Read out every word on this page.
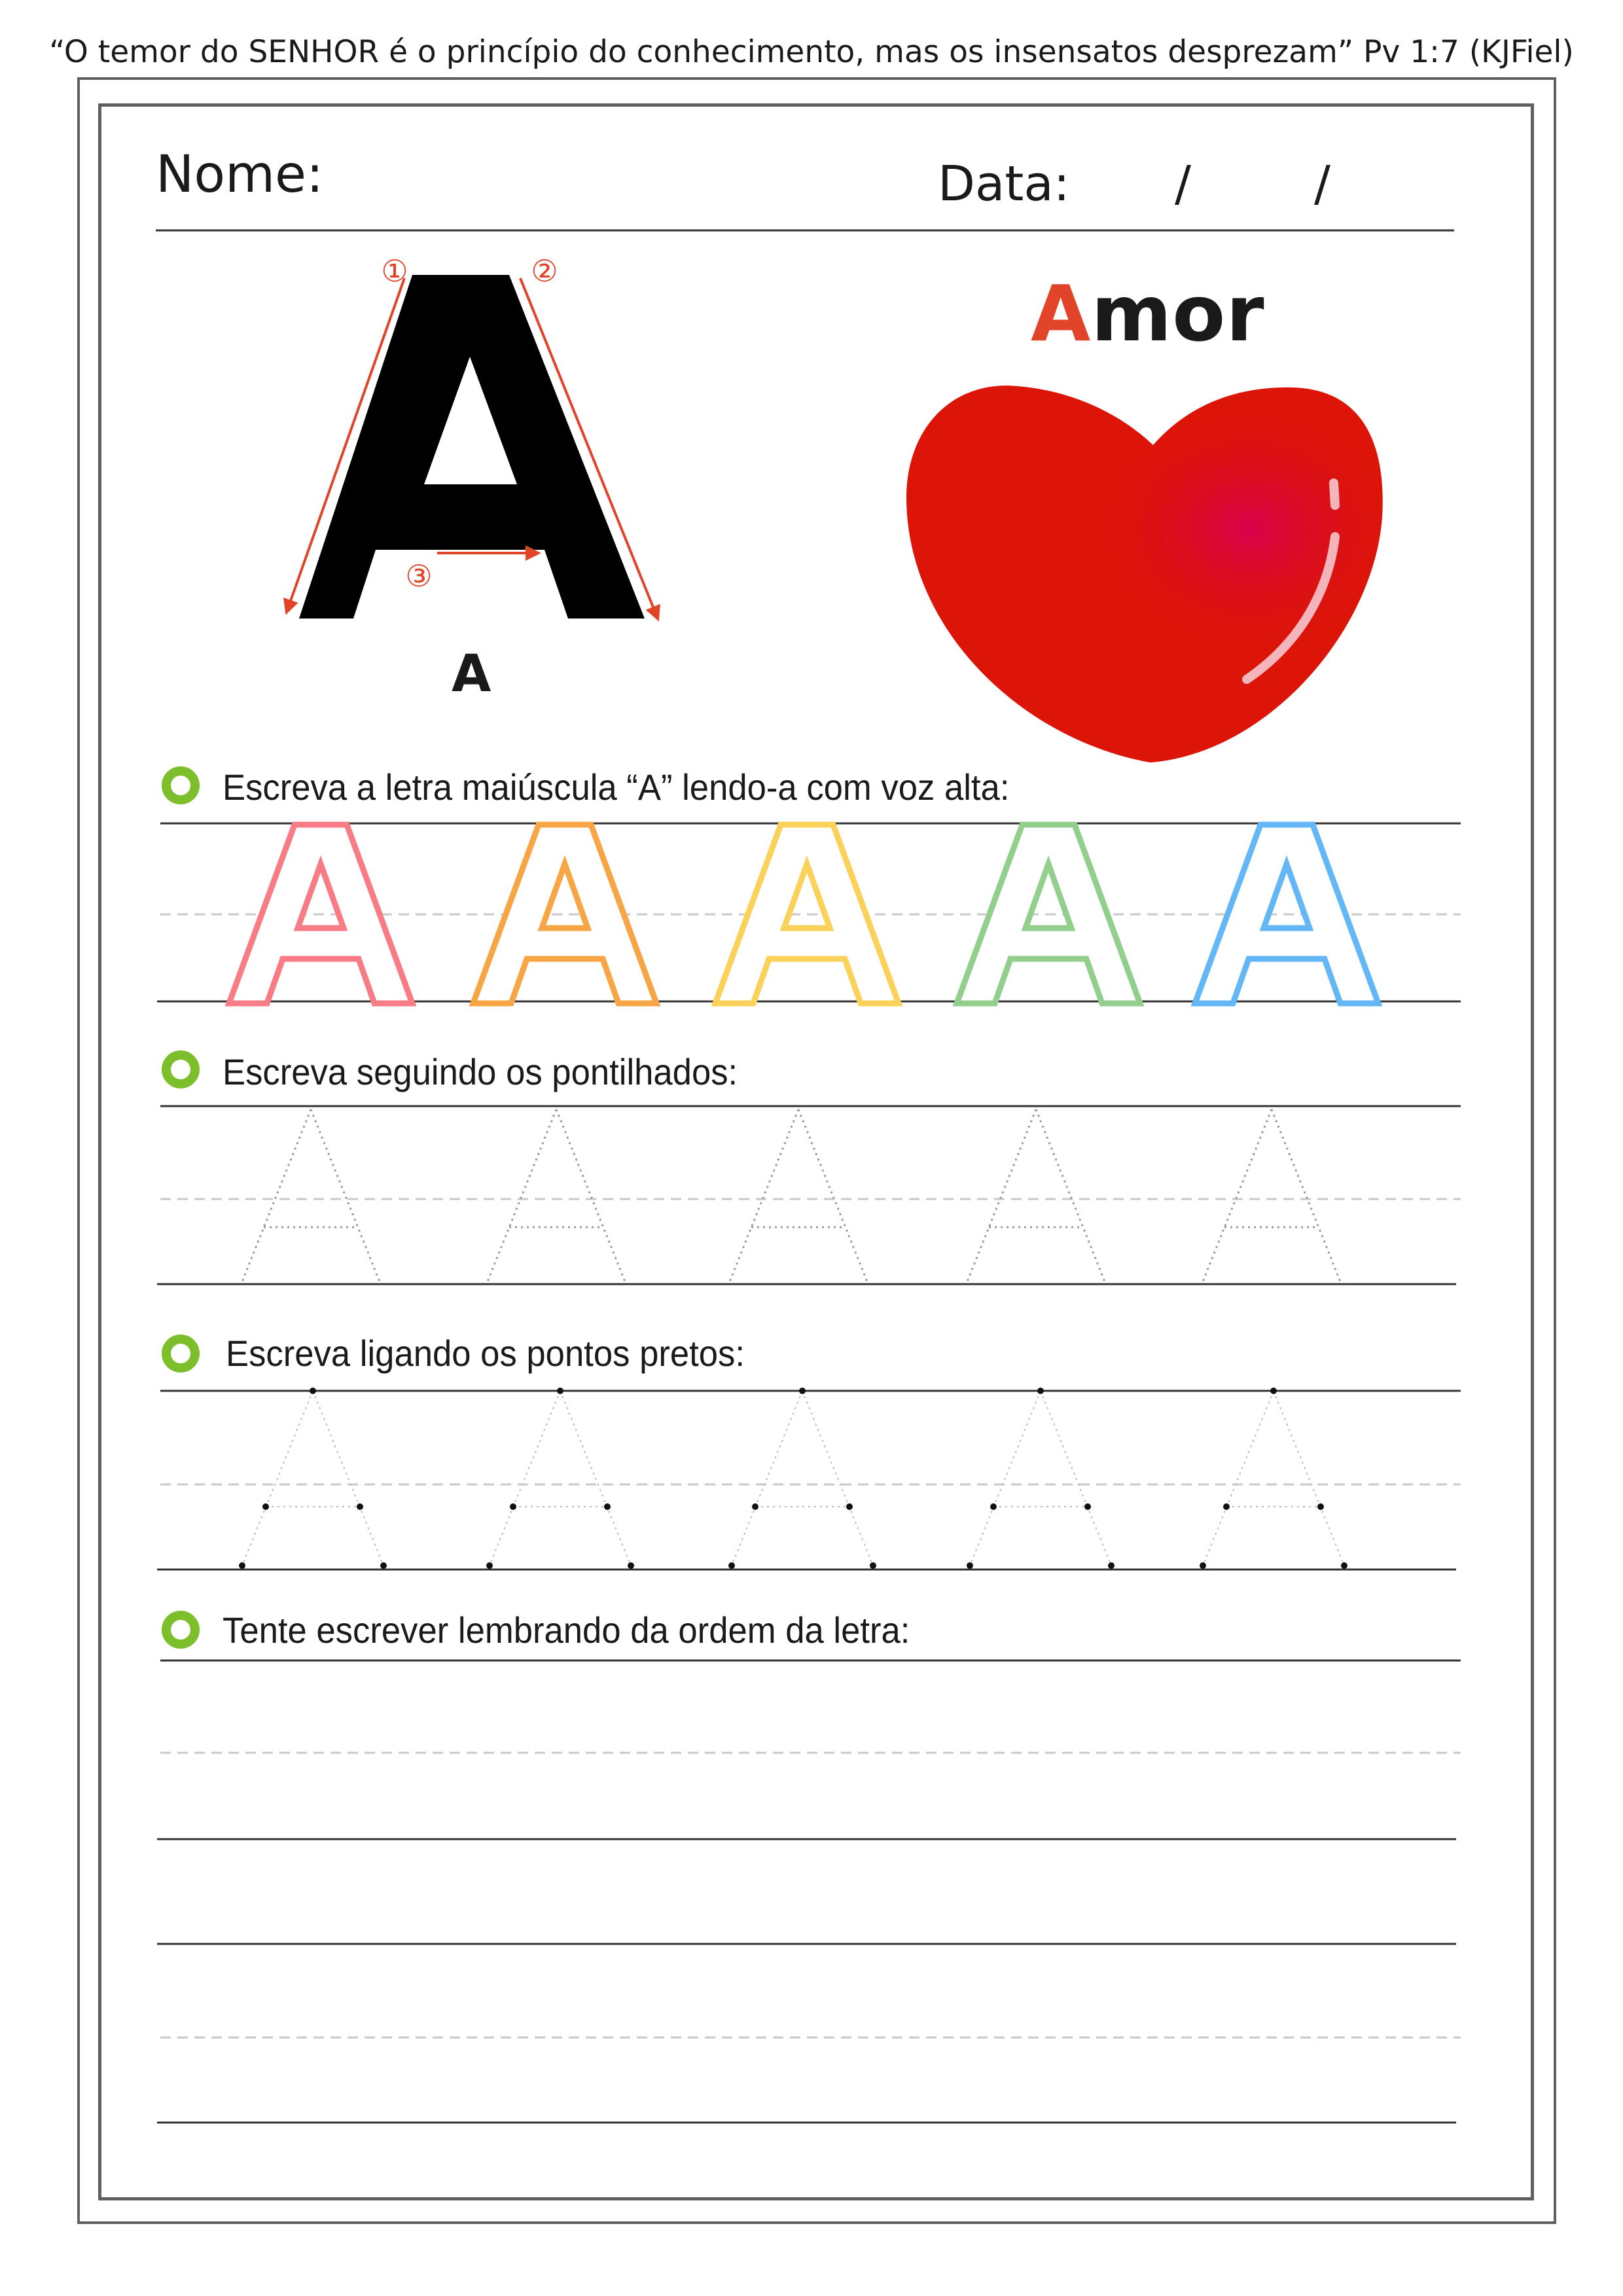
“O temor do SENHOR é o princípio do conhecimento, mas os insensatos desprezam” Pv 1:7 (KJFiel)
Nome:	Data: /	/
Amor
A
Escreva a letra maiúscula “A” lendo-a com voz alta:
Escreva seguindo os pontilhados:
Escreva ligando os pontos pretos:
Tente escrever lembrando da ordem da letra:
①	②
③
